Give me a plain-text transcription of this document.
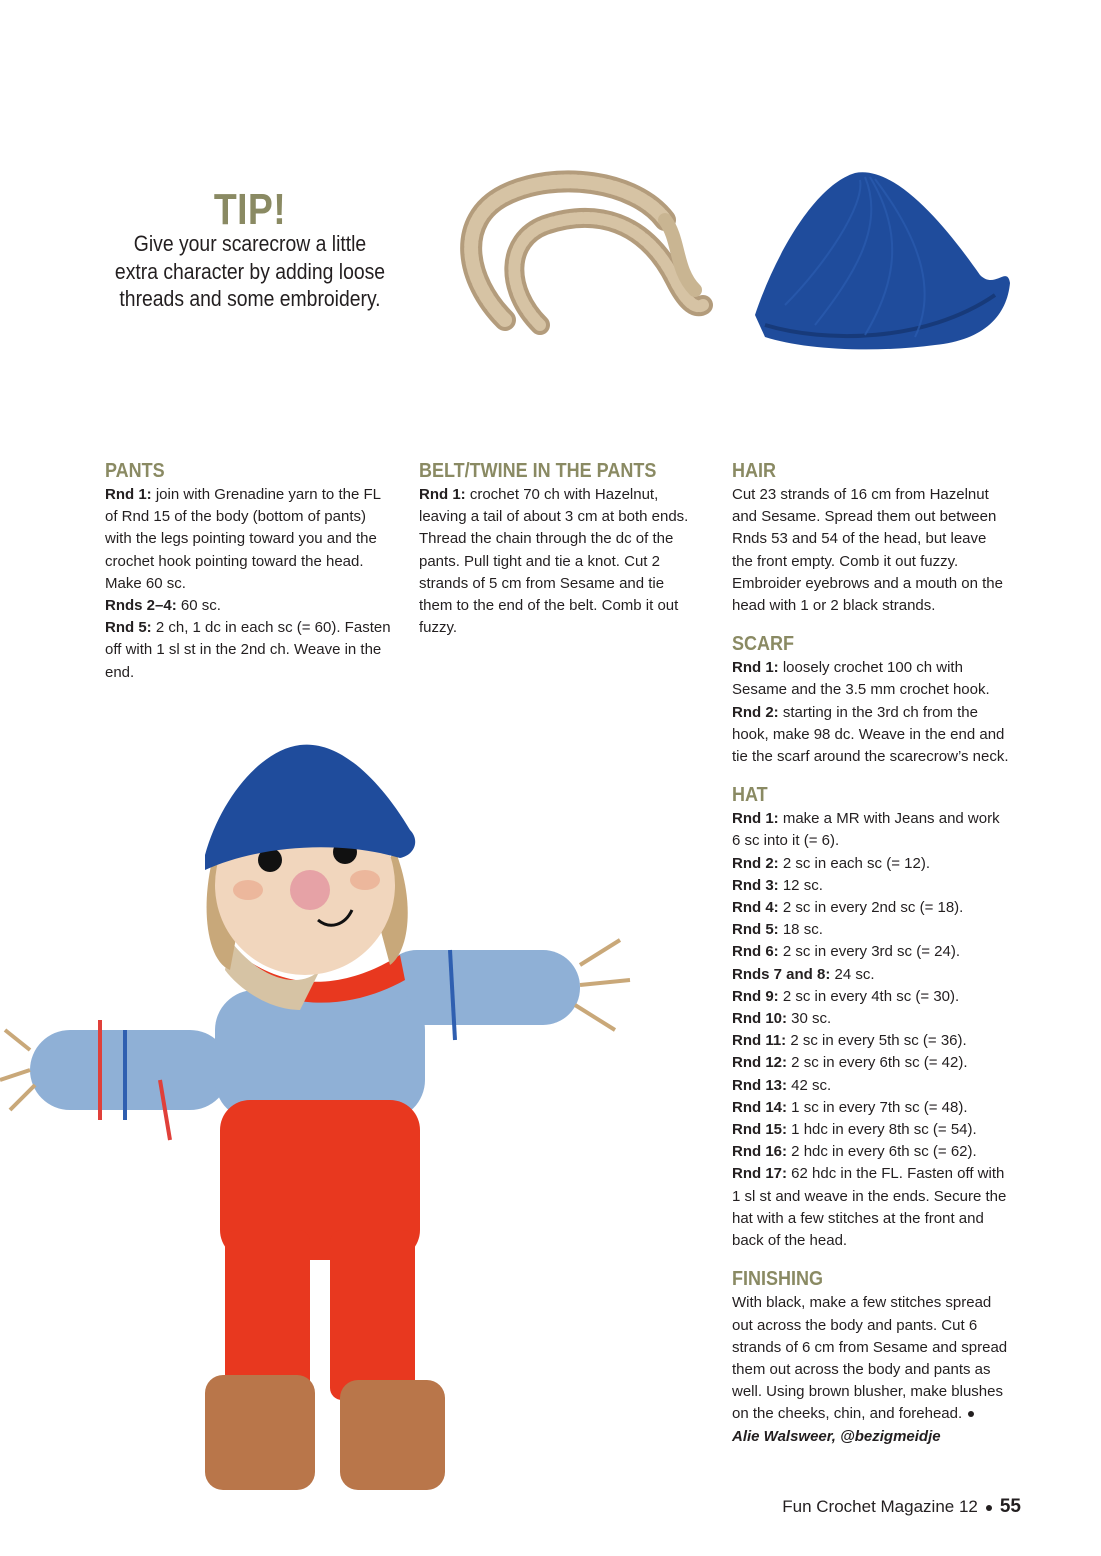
TIP!
Give your scarecrow a little
extra character by adding loose
threads and some embroidery.

PANTS

Rnd 1: join with Grenadine yarn to the FL
of Rnd 15 of the body (bottom of pants)
with the legs pointing toward you and the
crochet hook pointing toward the head.
Make 60 sc.

Rnds 2–4: 60 sc.

Rnd 5: 2 ch, 1 dc in each sc (= 60). Fasten
off with 1 sl st in the 2nd ch. Weave in the
end.

BELT/TWINE IN THE PANTS

Rnd 1: crochet 70 ch with Hazelnut,
leaving a tail of about 3 cm at both ends.
Thread the chain through the dc of the
pants. Pull tight and tie a knot. Cut 2
strands of 5 cm from Sesame and tie
them to the end of the belt. Comb it out
fuzzy.

HAIR

Cut 23 strands of 16 cm from Hazelnut
and Sesame. Spread them out between
Rnds 53 and 54 of the head, but leave
the front empty. Comb it out fuzzy.
Embroider eyebrows and a mouth on the
head with 1 or 2 black strands.

SCARF

Rnd 1: loosely crochet 100 ch with
Sesame and the 3.5 mm crochet hook.

Rnd 2: starting in the 3rd ch from the
hook, make 98 dc. Weave in the end and
tie the scarf around the scarecrow’s neck.

HAT

Rnd 1: make a MR with Jeans and work
6 sc into it (= 6).

Rnd 2: 2 sc in each sc (= 12).

Rnd 3: 12 sc.

Rnd 4: 2 sc in every 2nd sc (= 18).

Rnd 5: 18 sc.

Rnd 6: 2 sc in every 3rd sc (= 24).

Rnds 7 and 8: 24 sc.

Rnd 9: 2 sc in every 4th sc (= 30).

Rnd 10: 30 sc.

Rnd 11: 2 sc in every 5th sc (= 36).

Rnd 12: 2 sc in every 6th sc (= 42).

Rnd 13: 42 sc.

Rnd 14: 1 sc in every 7th sc (= 48).

Rnd 15: 1 hdc in every 8th sc (= 54).

Rnd 16: 2 hdc in every 6th sc (= 62).

Rnd 17: 62 hdc in the FL. Fasten off with
1 sl st and weave in the ends. Secure the
hat with a few stitches at the front and
back of the head.

FINISHING

With black, make a few stitches spread
out across the body and pants. Cut 6
strands of 6 cm from Sesame and spread
them out across the body and pants as
well. Using brown blusher, make blushes
on the cheeks, chin, and forehead.
Alie Walsweer, @bezigmeidje

Fun Crochet Magazine 12 55
